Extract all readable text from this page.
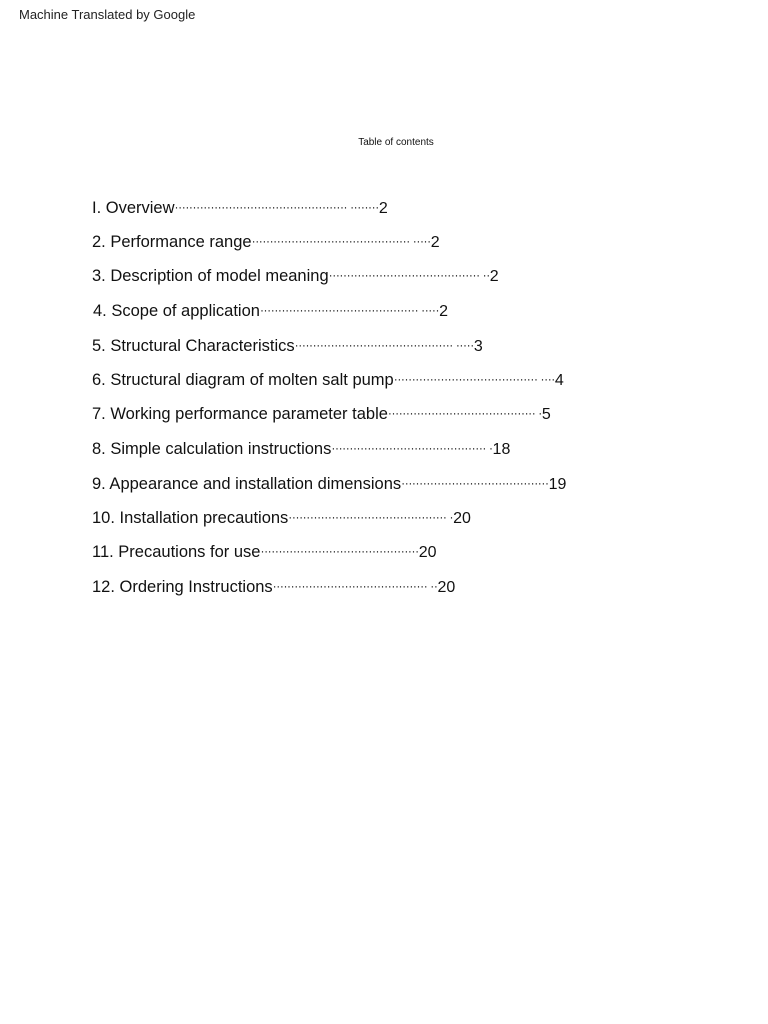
Machine Translated by Google
Table of contents
I. Overview················································ ········2
2. Performance range············································ ·····2
3. Description of model meaning·········································· ··2
4. Scope of application············································ ·····2
5. Structural Characteristics············································ ·····3
6. Structural diagram of molten salt pump········································ ····4
7. Working performance parameter table········································· ·5
8. Simple calculation instructions··········································· ·18
9. Appearance and installation dimensions·········································19
10. Installation precautions············································ ·20
11. Precautions for use············································20
12. Ordering Instructions··········································· ··20
